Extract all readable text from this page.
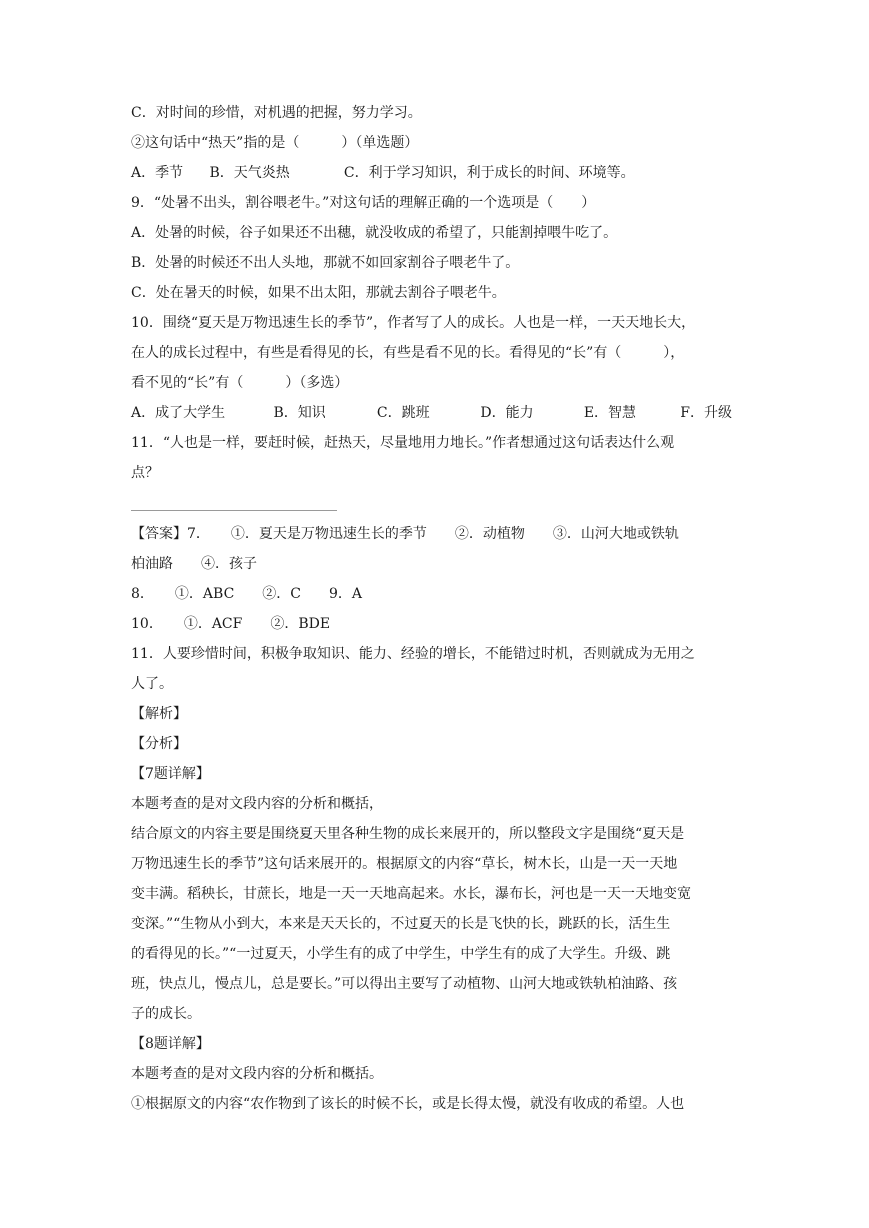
C．对时间的珍惜，对机遇的把握，努力学习。

②这句话中“热天”指的是（　　　）（单选题）

A．季节 B．天气炎热	C．利于学习知识，利于成长的时间、环境等。

9．“处暑不出头，割谷喂老牛。”对这句话的理解正确的一个选项是（　　）

A．处暑的时候，谷子如果还不出穗，就没收成的希望了，只能割掉喂牛吃了。

B．处暑的时候还不出人头地，那就不如回家割谷子喂老牛了。

C．处在暑天的时候，如果不出太阳，那就去割谷子喂老牛。

10．围绕“夏天是万物迅速生长的季节”，作者写了人的成长。人也是一样，一天天地长大，

在人的成长过程中，有些是看得见的长，有些是看不见的长。看得见的“长”有（　　　），

看不见的“长”有（　　　）（多选）

A．成了大学生	B．知识	C．跳班	D．能力	E．智慧	F．升级

11．“人也是一样，要赶时候，赶热天，尽量地用力地长。”作者想通过这句话表达什么观

点？

【答案】7．　　①．夏天是万物迅速生长的季节　　②．动植物　　③．山河大地或铁轨

柏油路　　④．孩子

8．　　①．ABC　　②．C　　9．A

10．　　①．ACF　　②．BDE

11．人要珍惜时间，积极争取知识、能力、经验的增长，不能错过时机，否则就成为无用之

人了。

【解析】

【分析】

【7题详解】

本题考查的是对文段内容的分析和概括，

结合原文的内容主要是围绕夏天里各种生物的成长来展开的，所以整段文字是围绕“夏天是

万物迅速生长的季节”这句话来展开的。根据原文的内容“草长，树木长，山是一天一天地

变丰满。稻秧长，甘蔗长，地是一天一天地高起来。水长，瀑布长，河也是一天一天地变宽

变深。”“生物从小到大，本来是天天长的，不过夏天的长是飞快的长，跳跃的长，活生生

的看得见的长。”“一过夏天，小学生有的成了中学生，中学生有的成了大学生。升级、跳

班，快点儿，慢点儿，总是要长。”可以得出主要写了动植物、山河大地或铁轨柏油路、孩

子的成长。

【8题详解】

本题考查的是对文段内容的分析和概括。

①根据原文的内容“农作物到了该长的时候不长，或是长得太慢，就没有收成的希望。人也
